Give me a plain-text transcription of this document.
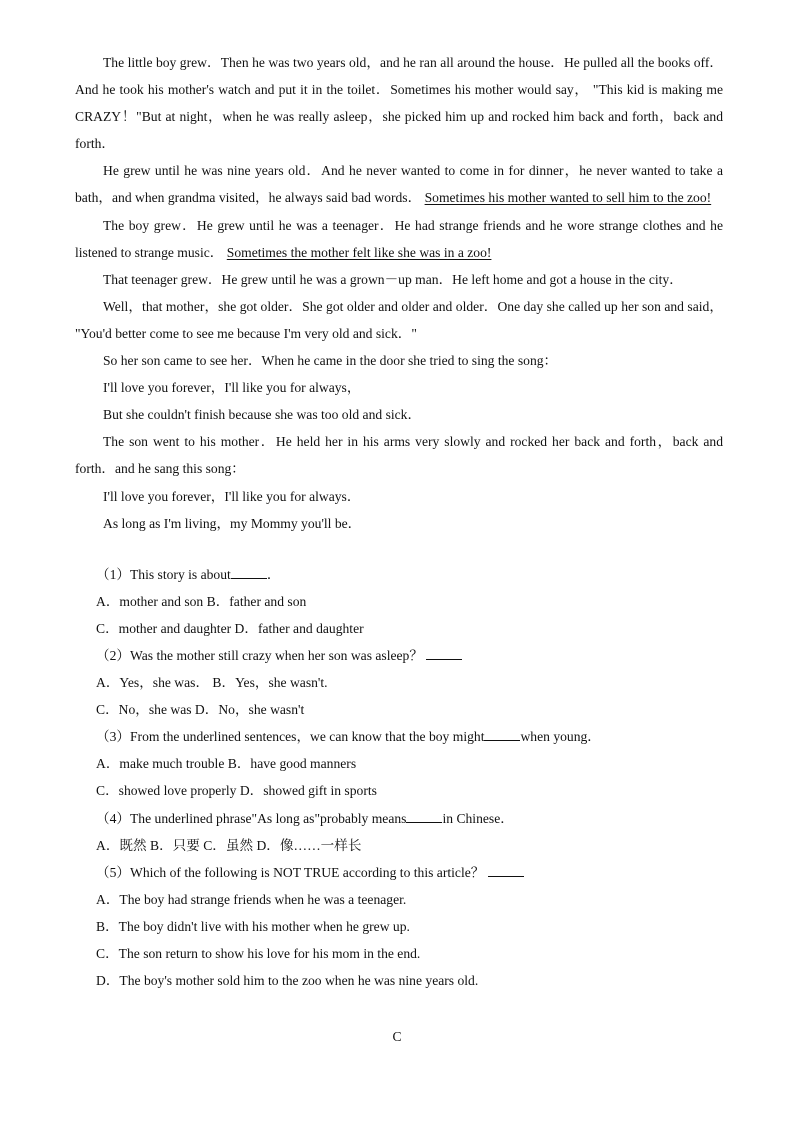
The little boy grew．Then he was two years old，and he ran all around the house．He pulled all the books off．And he took his mother's watch and put it in the toilet．Sometimes his mother would say， "This kid is making me CRAZY！"But at night，when he was really asleep，she picked him up and rocked him back and forth，back and forth．

He grew until he was nine years old．And he never wanted to come in for dinner，he never wanted to take a bath，and when grandma visited，he always said bad words． Sometimes his mother wanted to sell him to the zoo!

The boy grew．He grew until he was a teenager．He had strange friends and he wore strange clothes and he listened to strange music． Sometimes the mother felt like she was in a zoo!

That teenager grew．He grew until he was a grown－up man．He left home and got a house in the city．

Well，that mother，she got older．She got older and older and older．One day she called up her son and said， "You'd better come to see me because I'm very old and sick．"

So her son came to see her．When he came in the door she tried to sing the song：

I'll love you forever，I'll like you for always，

But she couldn't finish because she was too old and sick．

The son went to his mother．He held her in his arms very slowly and rocked her back and forth，back and forth．and he sang this song：

I'll love you forever，I'll like you for always．

As long as I'm living，my Mommy you'll be．

（1）This story is about	．

A．mother and son B．father and son

C．mother and daughter D．father and daughter

（2）Was the mother still crazy when her son was asleep？

A．Yes，she was． B．Yes，she wasn't.

C．No，she was D．No，she wasn't

（3）From the underlined sentences，we can know that the boy might	when young．

A．make much trouble B．have good manners

C．showed love properly D．showed gift in sports

（4）The underlined phrase"As long as"probably means	in Chinese．

A．既然 B．只要 C．虽然 D．像……一样长

（5）Which of the following is NOT TRUE according to this article？

A．The boy had strange friends when he was a teenager.

B．The boy didn't live with his mother when he grew up.

C．The son return to show his love for his mom in the end.

D．The boy's mother sold him to the zoo when he was nine years old.

C
